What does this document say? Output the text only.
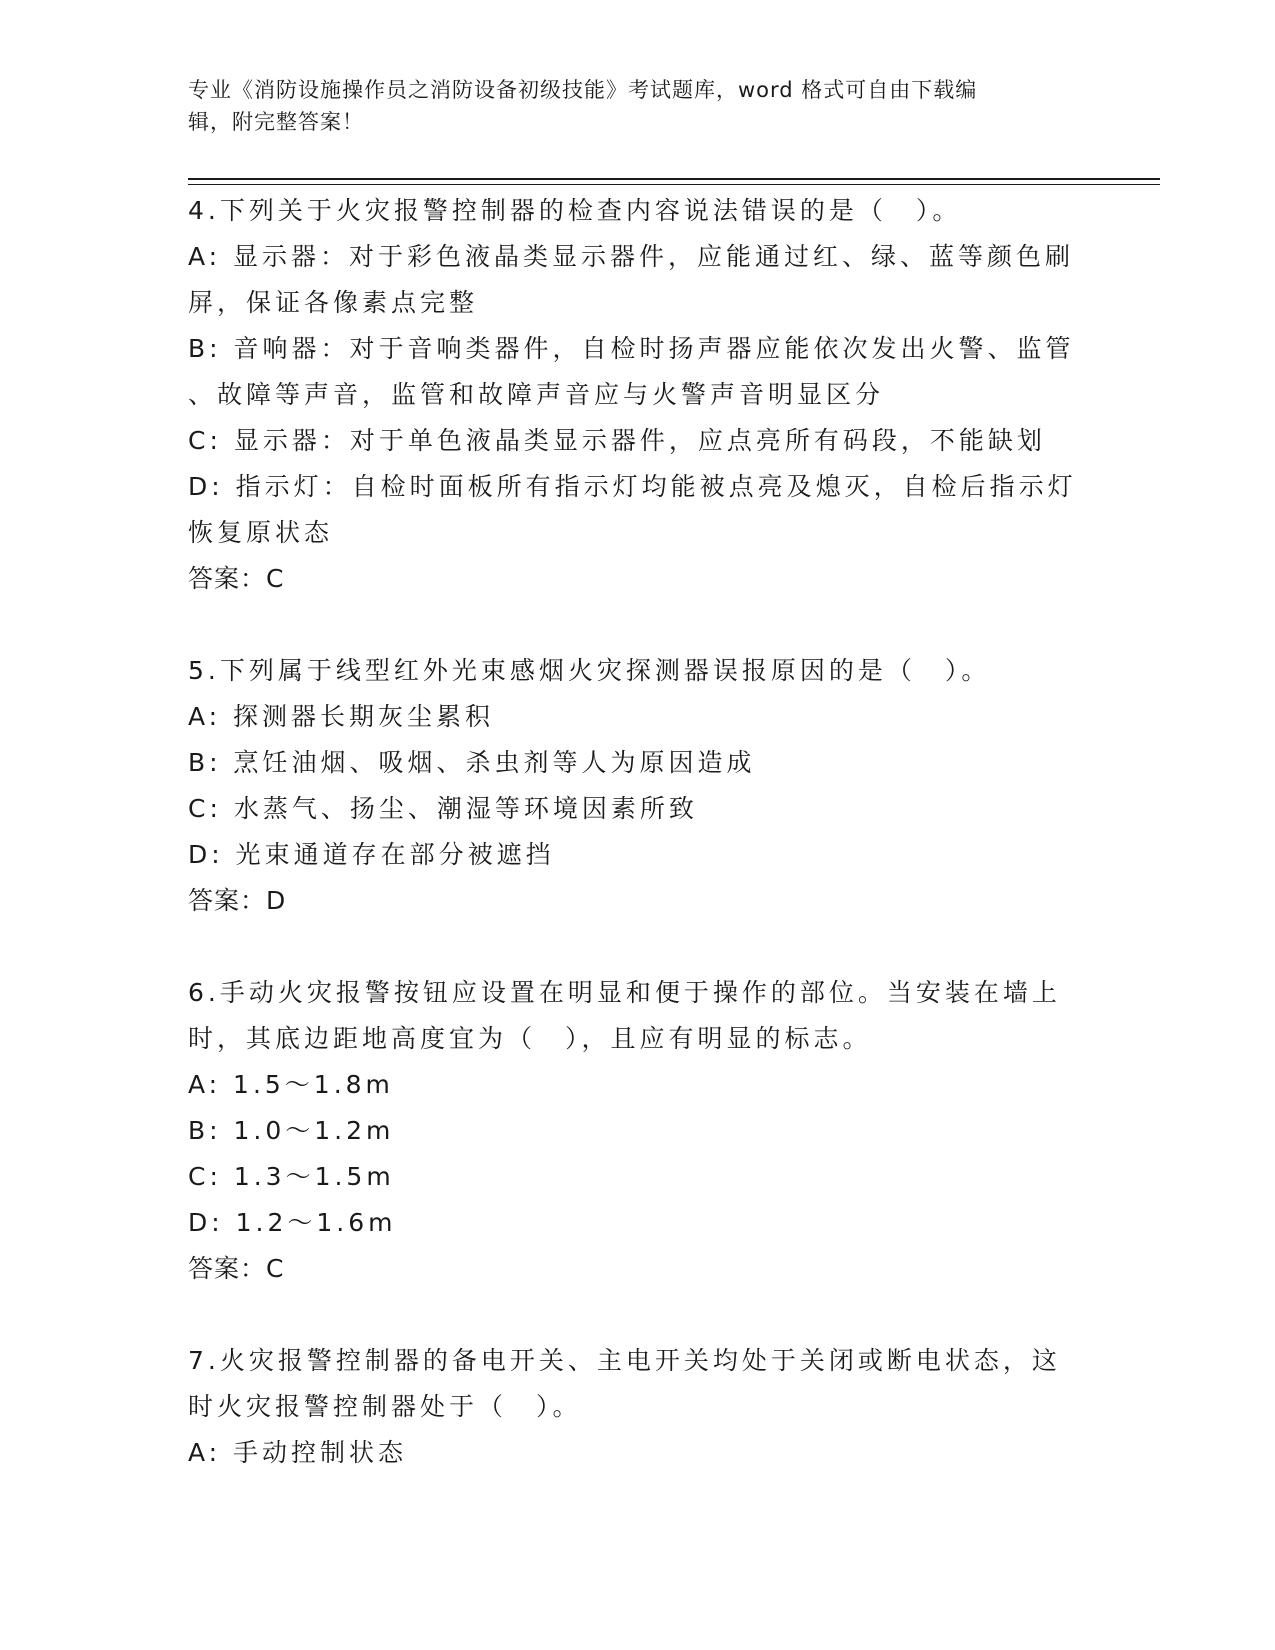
专业《消防设施操作员之消防设备初级技能》考试题库，word 格式可自由下载编
辑，附完整答案！
4.下列关于火灾报警控制器的检查内容说法错误的是（　）。
A: 显示器：对于彩色液晶类显示器件，应能通过红、绿、蓝等颜色刷
屏，保证各像素点完整
B: 音响器：对于音响类器件，自检时扬声器应能依次发出火警、监管
、故障等声音，监管和故障声音应与火警声音明显区分
C: 显示器：对于单色液晶类显示器件，应点亮所有码段，不能缺划
D: 指示灯：自检时面板所有指示灯均能被点亮及熄灭，自检后指示灯
恢复原状态
答案：C
5.下列属于线型红外光束感烟火灾探测器误报原因的是（　）。
A: 探测器长期灰尘累积
B: 烹饪油烟、吸烟、杀虫剂等人为原因造成
C: 水蒸气、扬尘、潮湿等环境因素所致
D: 光束通道存在部分被遮挡
答案：D
6.手动火灾报警按钮应设置在明显和便于操作的部位。当安装在墙上
时，其底边距地高度宜为（　），且应有明显的标志。
A: 1.5～1.8m
B: 1.0～1.2m
C: 1.3～1.5m
D: 1.2～1.6m
答案：C
7.火灾报警控制器的备电开关、主电开关均处于关闭或断电状态，这
时火灾报警控制器处于（　）。
A: 手动控制状态
